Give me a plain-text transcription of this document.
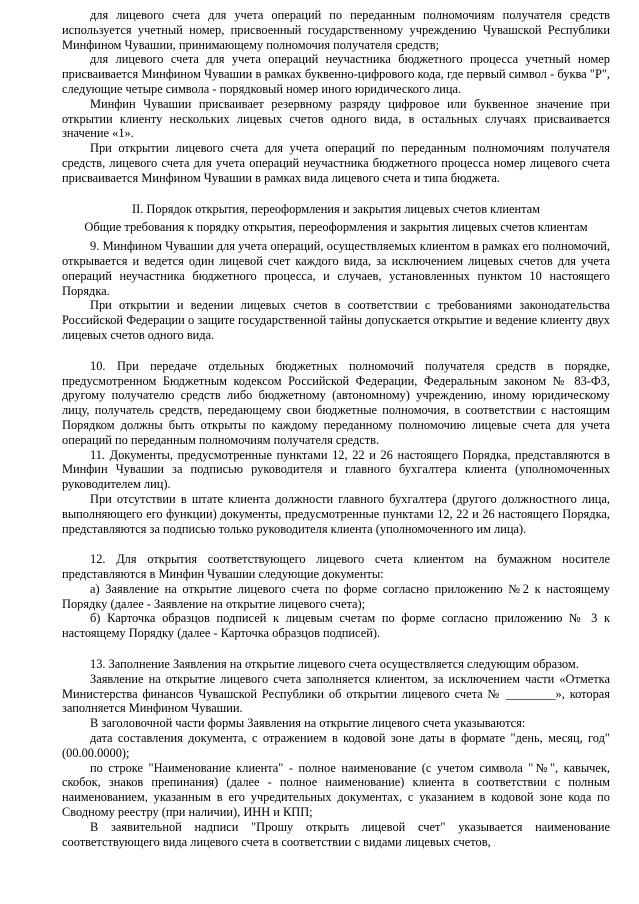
для лицевого счета для учета операций по переданным полномочиям получателя средств используется учетный номер, присвоенный государственному учреждению Чувашской Республики Минфином Чувашии, принимающему полномочия получателя средств;

для лицевого счета для учета операций неучастника бюджетного процесса учетный номер присваивается Минфином Чувашии в рамках буквенно-цифрового кода, где первый символ - буква "Р", следующие четыре символа - порядковый номер иного юридического лица.

Минфин Чувашии присваивает резервному разряду цифровое или буквенное значение при открытии клиенту нескольких лицевых счетов одного вида, в остальных случаях присваивается значение «1».

При открытии лицевого счета для учета операций по переданным полномочиям получателя средств, лицевого счета для учета операций неучастника бюджетного процесса номер лицевого счета присваивается Минфином Чувашии в рамках вида лицевого счета и типа бюджета.

II. Порядок открытия, переоформления и закрытия лицевых счетов клиентам

Общие требования к порядку открытия, переоформления и закрытия лицевых счетов клиентам

9. Минфином Чувашии для учета операций, осуществляемых клиентом в рамках его полномочий, открывается и ведется один лицевой счет каждого вида, за исключением лицевых счетов для учета операций неучастника бюджетного процесса, и случаев, установленных пунктом 10 настоящего Порядка.

При открытии и ведении лицевых счетов в соответствии с требованиями законодательства Российской Федерации о защите государственной тайны допускается открытие и ведение клиенту двух лицевых счетов одного вида.

10. При передаче отдельных бюджетных полномочий получателя средств в порядке, предусмотренном Бюджетным кодексом Российской Федерации, Федеральным законом № 83-ФЗ, другому получателю средств либо бюджетному (автономному) учреждению, иному юридическому лицу, получатель средств, передающему свои бюджетные полномочия, в соответствии с настоящим Порядком должны быть открыты по каждому переданному полномочию лицевые счета для учета операций по переданным полномочиям получателя средств.

11. Документы, предусмотренные пунктами 12, 22 и 26 настоящего Порядка, представляются в Минфин Чувашии за подписью руководителя и главного бухгалтера клиента (уполномоченных руководителем лиц).

При отсутствии в штате клиента должности главного бухгалтера (другого должностного лица, выполняющего его функции) документы, предусмотренные пунктами 12, 22 и 26 настоящего Порядка, представляются за подписью только руководителя клиента (уполномоченного им лица).

12. Для открытия соответствующего лицевого счета клиентом на бумажном носителе представляются в Минфин Чувашии следующие документы:

а) Заявление на открытие лицевого счета по форме согласно приложению №2 к настоящему Порядку (далее - Заявление на открытие лицевого счета);

б) Карточка образцов подписей к лицевым счетам по форме согласно приложению № 3 к настоящему Порядку (далее - Карточка образцов подписей).

13. Заполнение Заявления на открытие лицевого счета осуществляется следующим образом.

Заявление на открытие лицевого счета заполняется клиентом, за исключением части «Отметка Министерства финансов Чувашской Республики об открытии лицевого счета № ________», которая заполняется Минфином Чувашии.

В заголовочной части формы Заявления на открытие лицевого счета указываются:

дата составления документа, с отражением в кодовой зоне даты в формате "день, месяц, год" (00.00.0000);

по строке "Наименование клиента" - полное наименование (с учетом символа "№", кавычек, скобок, знаков препинания) (далее - полное наименование) клиента в соответствии с полным наименованием, указанным в его учредительных документах, с указанием в кодовой зоне кода по Сводному реестру (при наличии), ИНН и КПП;

В заявительной надписи "Прошу открыть лицевой счет" указывается наименование соответствующего вида лицевого счета в соответствии с видами лицевых счетов,
